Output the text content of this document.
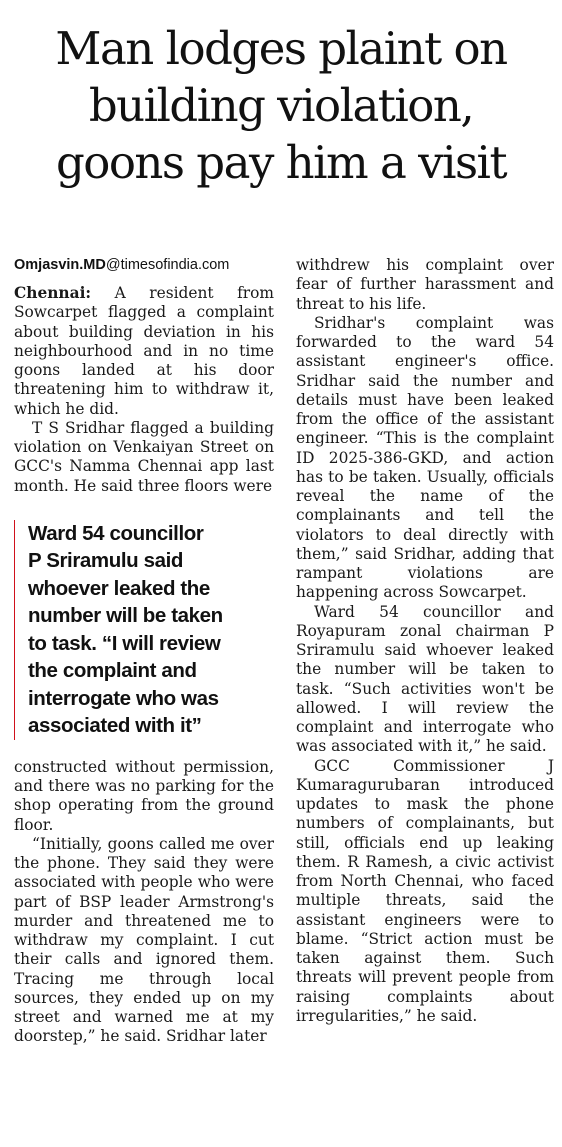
Man lodges plaint on
building violation,
goons pay him a visit
Omjasvin.MD@timesofindia.com

Chennai: A resident from Sowcarpet flagged a complaint about building deviation in his neighbourhood and in no time goons landed at his door threatening him to withdraw it, which he did.

T S Sridhar flagged a building violation on Venkaiyan Street on GCC's Namma Chennai app last month. He said three floors were

Ward 54 councillor
P Sriramulu said
whoever leaked the
number will be taken
to task. “I will review
the complaint and
interrogate who was
associated with it”

constructed without permission, and there was no parking for the shop operating from the ground floor.

“Initially, goons called me over the phone. They said they were associated with people who were part of BSP leader Armstrong's murder and threatened me to withdraw my complaint. I cut their calls and ignored them. Tracing me through local sources, they ended up on my street and warned me at my doorstep,” he said. Sridhar later

withdrew his complaint over fear of further harassment and threat to his life.

Sridhar's complaint was forwarded to the ward 54 assistant engineer's office. Sridhar said the number and details must have been leaked from the office of the assistant engineer. “This is the complaint ID 2025-386-GKD, and action has to be taken. Usually, officials reveal the name of the complainants and tell the violators to deal directly with them,” said Sridhar, adding that rampant violations are happening across Sowcarpet.

Ward 54 councillor and Royapuram zonal chairman P Sriramulu said whoever leaked the number will be taken to task. “Such activities won't be allowed. I will review the complaint and interrogate who was associated with it,” he said.

GCC Commissioner J Kumaragurubaran introduced updates to mask the phone numbers of complainants, but still, officials end up leaking them. R Ramesh, a civic activist from North Chennai, who faced multiple threats, said the assistant engineers were to blame. “Strict action must be taken against them. Such threats will prevent people from raising complaints about irregularities,” he said.
